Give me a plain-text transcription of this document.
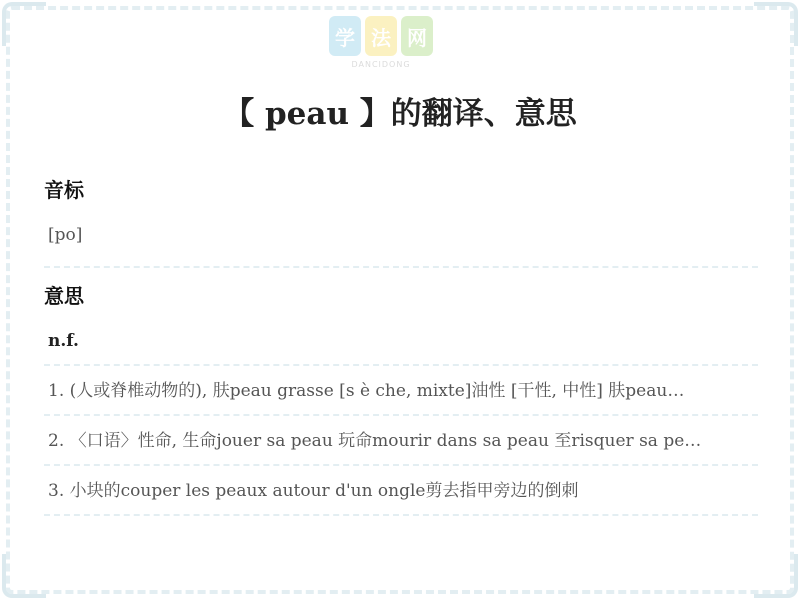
学 法 网
DANCIDONG
【 peau 】的翻译、意思
音标
[po]
意思
n.f.
1. (人或脊椎动物的), 肤peau grasse [s è che, mixte]油性 [干性, 中性] 肤peau…
2. 〈口语〉性命, 生命jouer sa peau 玩命mourir dans sa peau 至risquer sa pe…
3. 小块的couper les peaux autour d'un ongle剪去指甲旁边的倒刺
